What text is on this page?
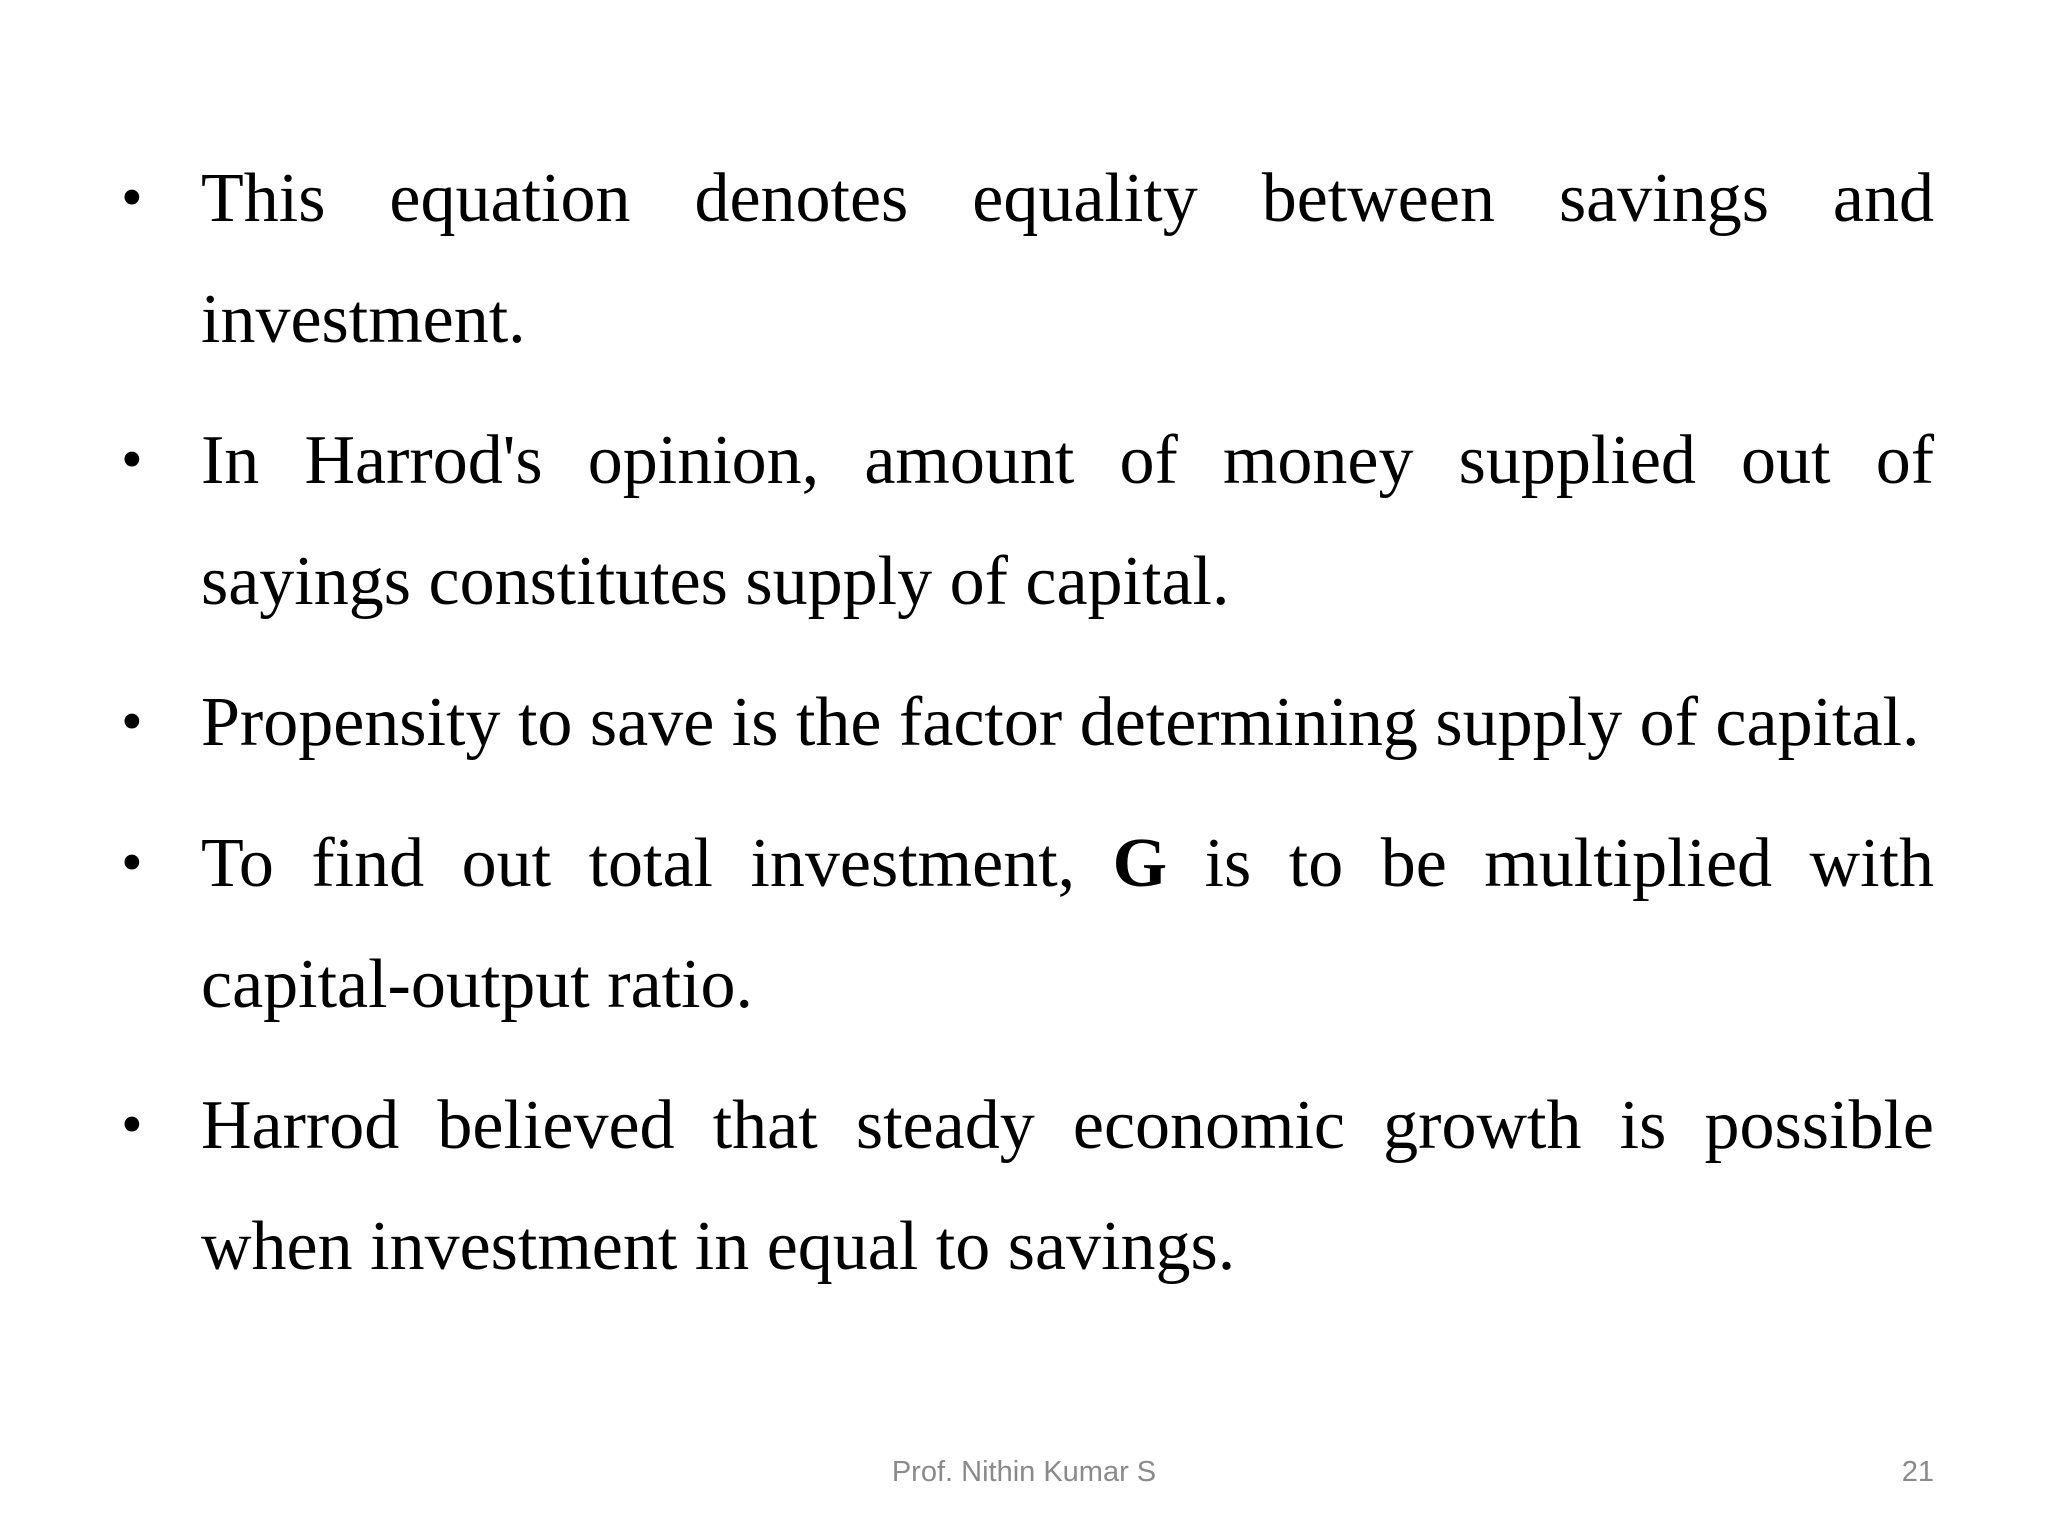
• This equation denotes equality between savings and investment.
• In Harrod's opinion, amount of money supplied out of sayings constitutes supply of capital.
• Propensity to save is the factor determining supply of capital.
• To find out total investment, G is to be multiplied with capital-output ratio.
• Harrod believed that steady economic growth is possible when investment in equal to savings.
Prof. Nithin Kumar S	21
